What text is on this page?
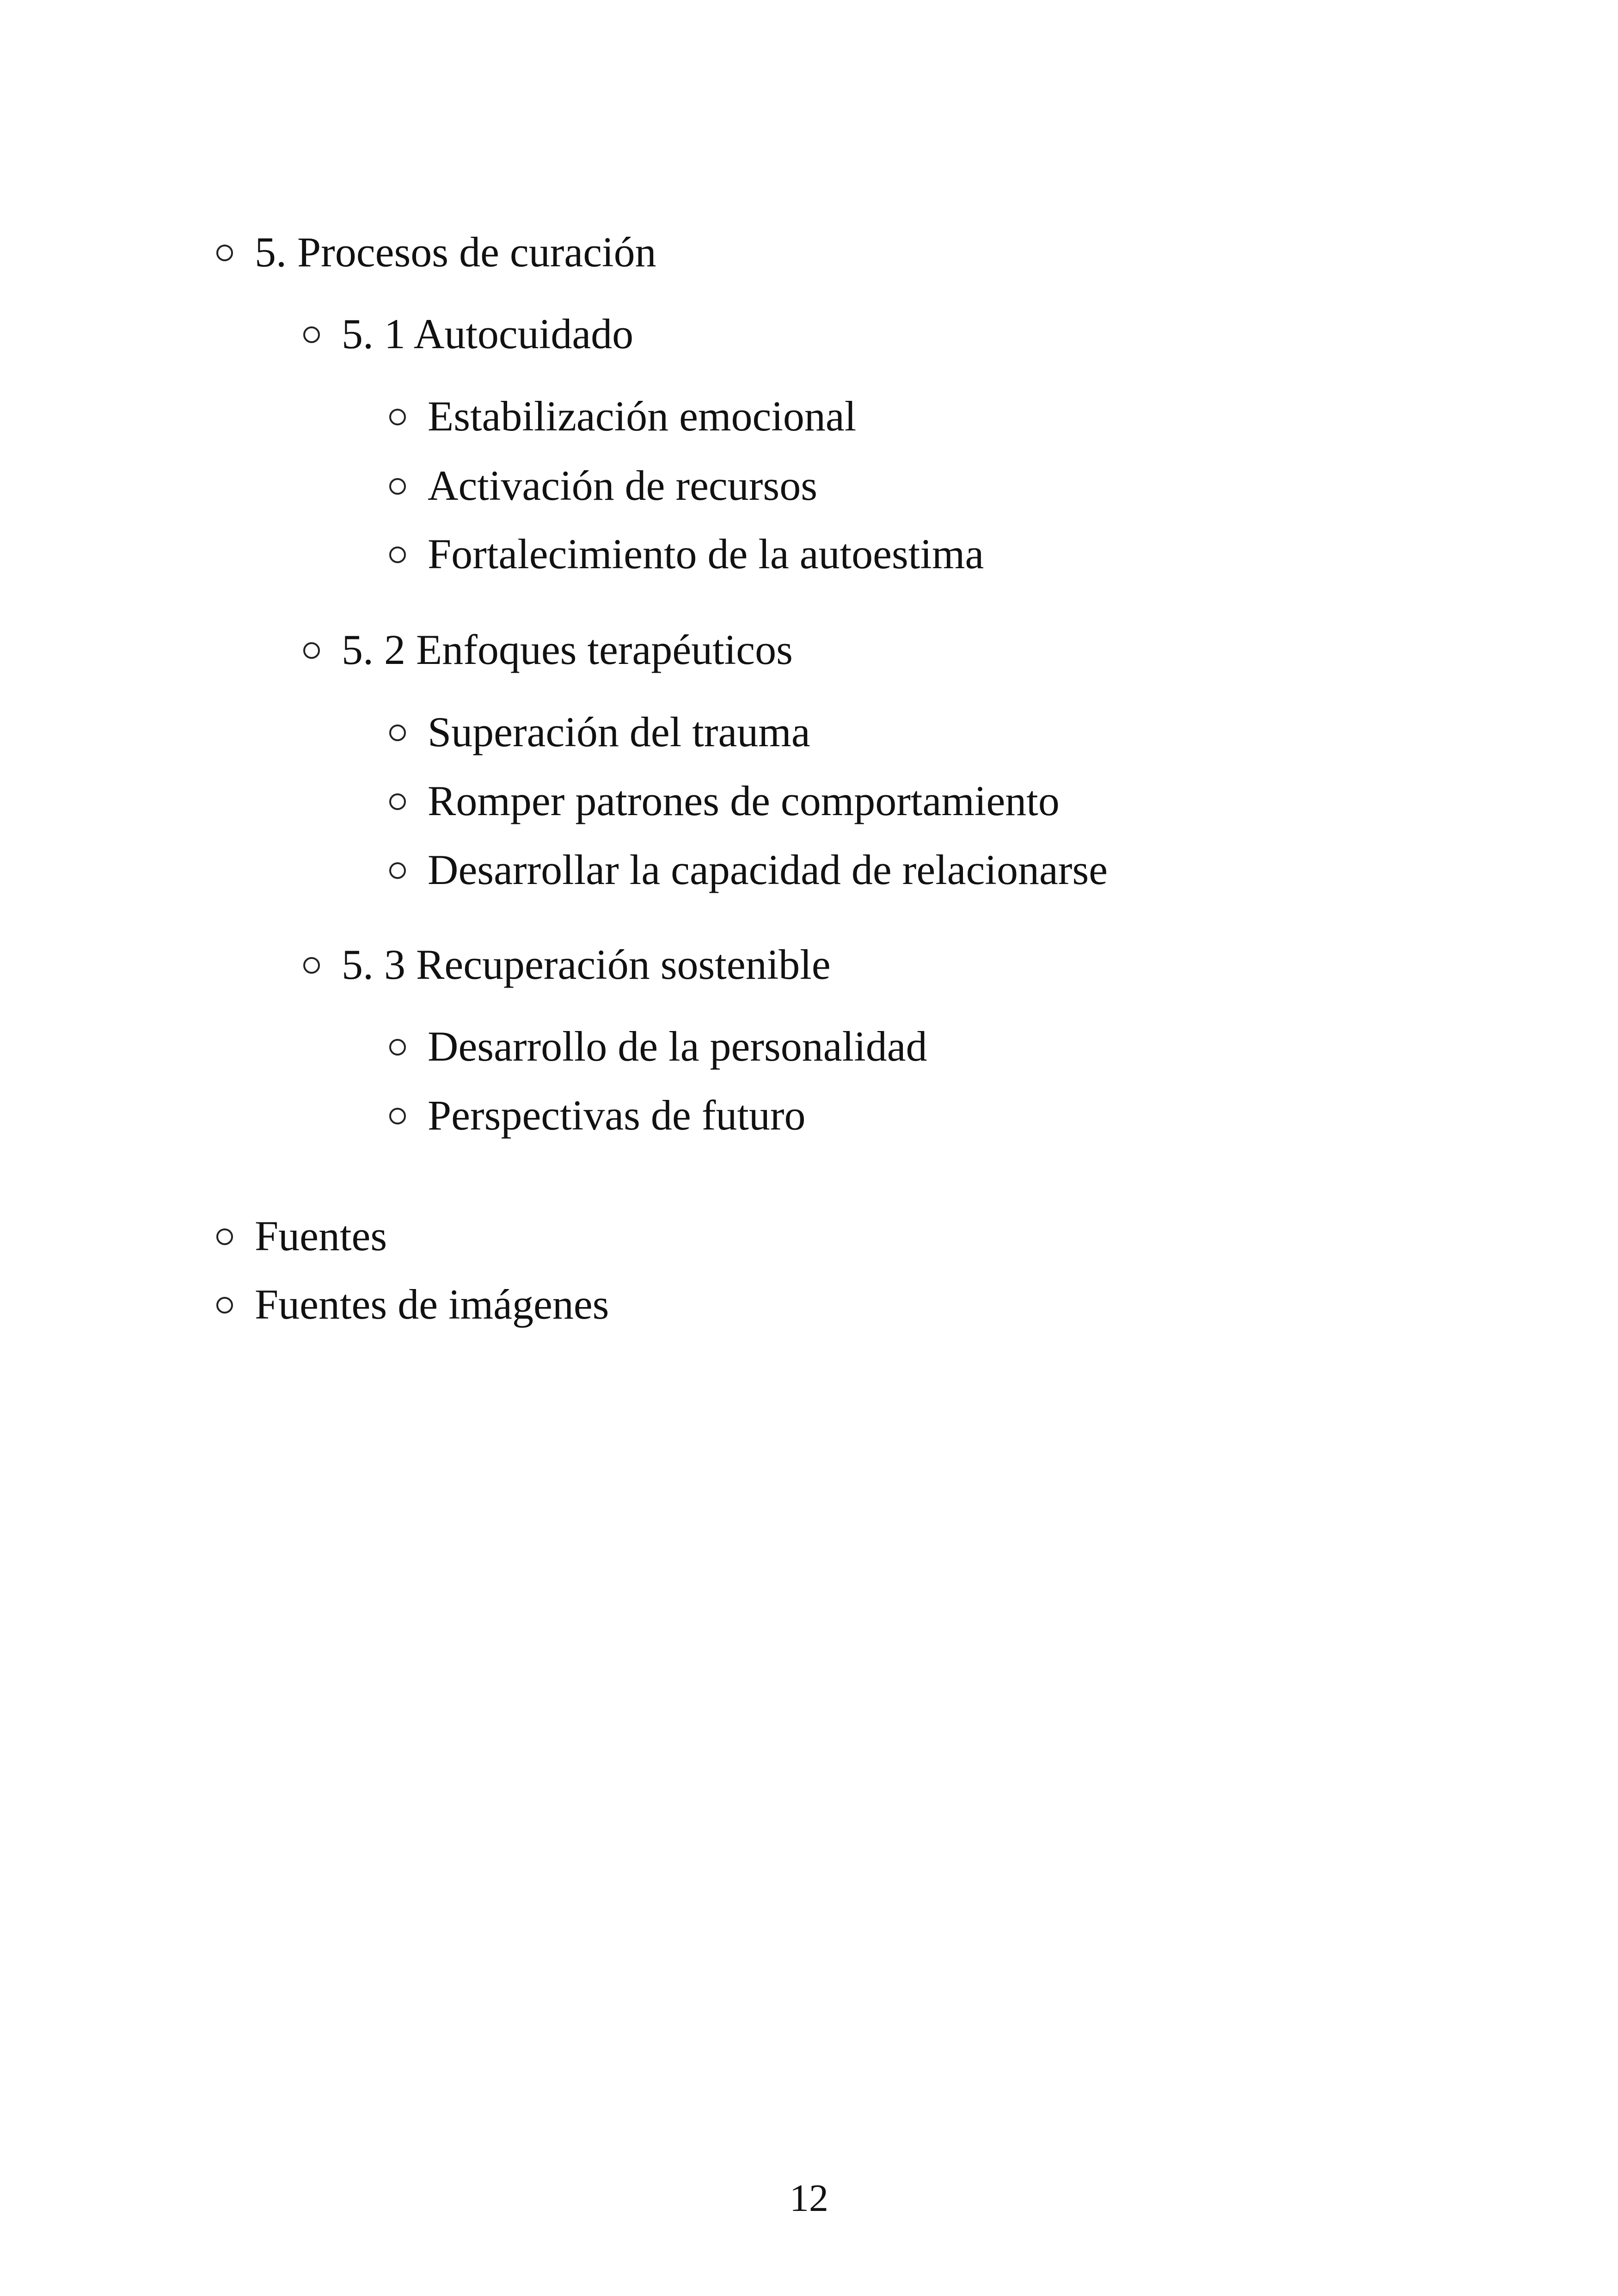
5. Procesos de curación
5. 1 Autocuidado
Estabilización emocional
Activación de recursos
Fortalecimiento de la autoestima
5. 2 Enfoques terapéuticos
Superación del trauma
Romper patrones de comportamiento
Desarrollar la capacidad de relacionarse
5. 3 Recuperación sostenible
Desarrollo de la personalidad
Perspectivas de futuro
Fuentes
Fuentes de imágenes
12
